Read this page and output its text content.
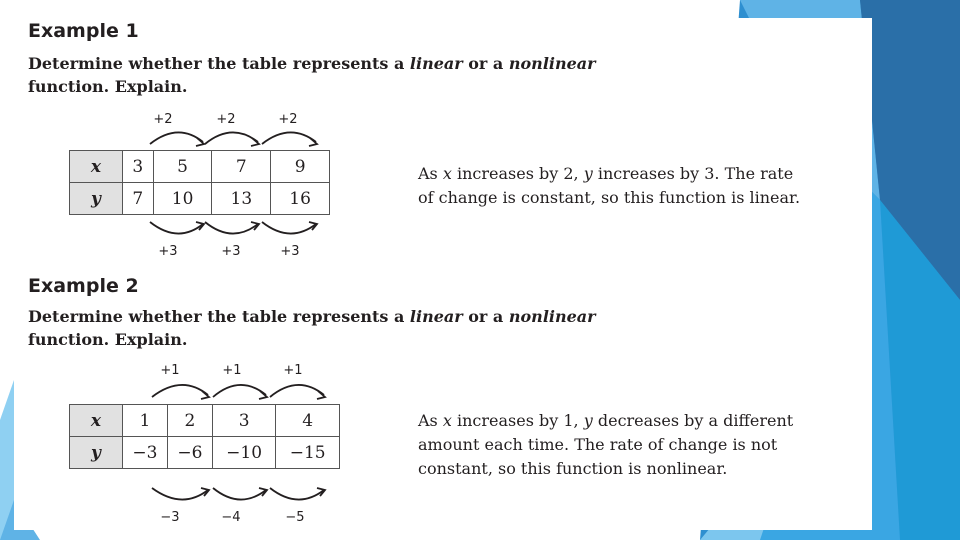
Example 1
Determine whether the table represents a linear or a nonlinear
function. Explain.
+2	+2	+2
+3	+3	+3
+1	+1	+1
−3	−4	−5
x	3	5	7	9
y	7	10	13	16
As x increases by 2, y increases by 3. The rate
of change is constant, so this function is linear.
Example 2
Determine whether the table represents a linear or a nonlinear
function. Explain.
x	1	2	3	4
y	−3	−6	−10	−15
As x increases by 1, y decreases by a different
amount each time. The rate of change is not
constant, so this function is nonlinear.
